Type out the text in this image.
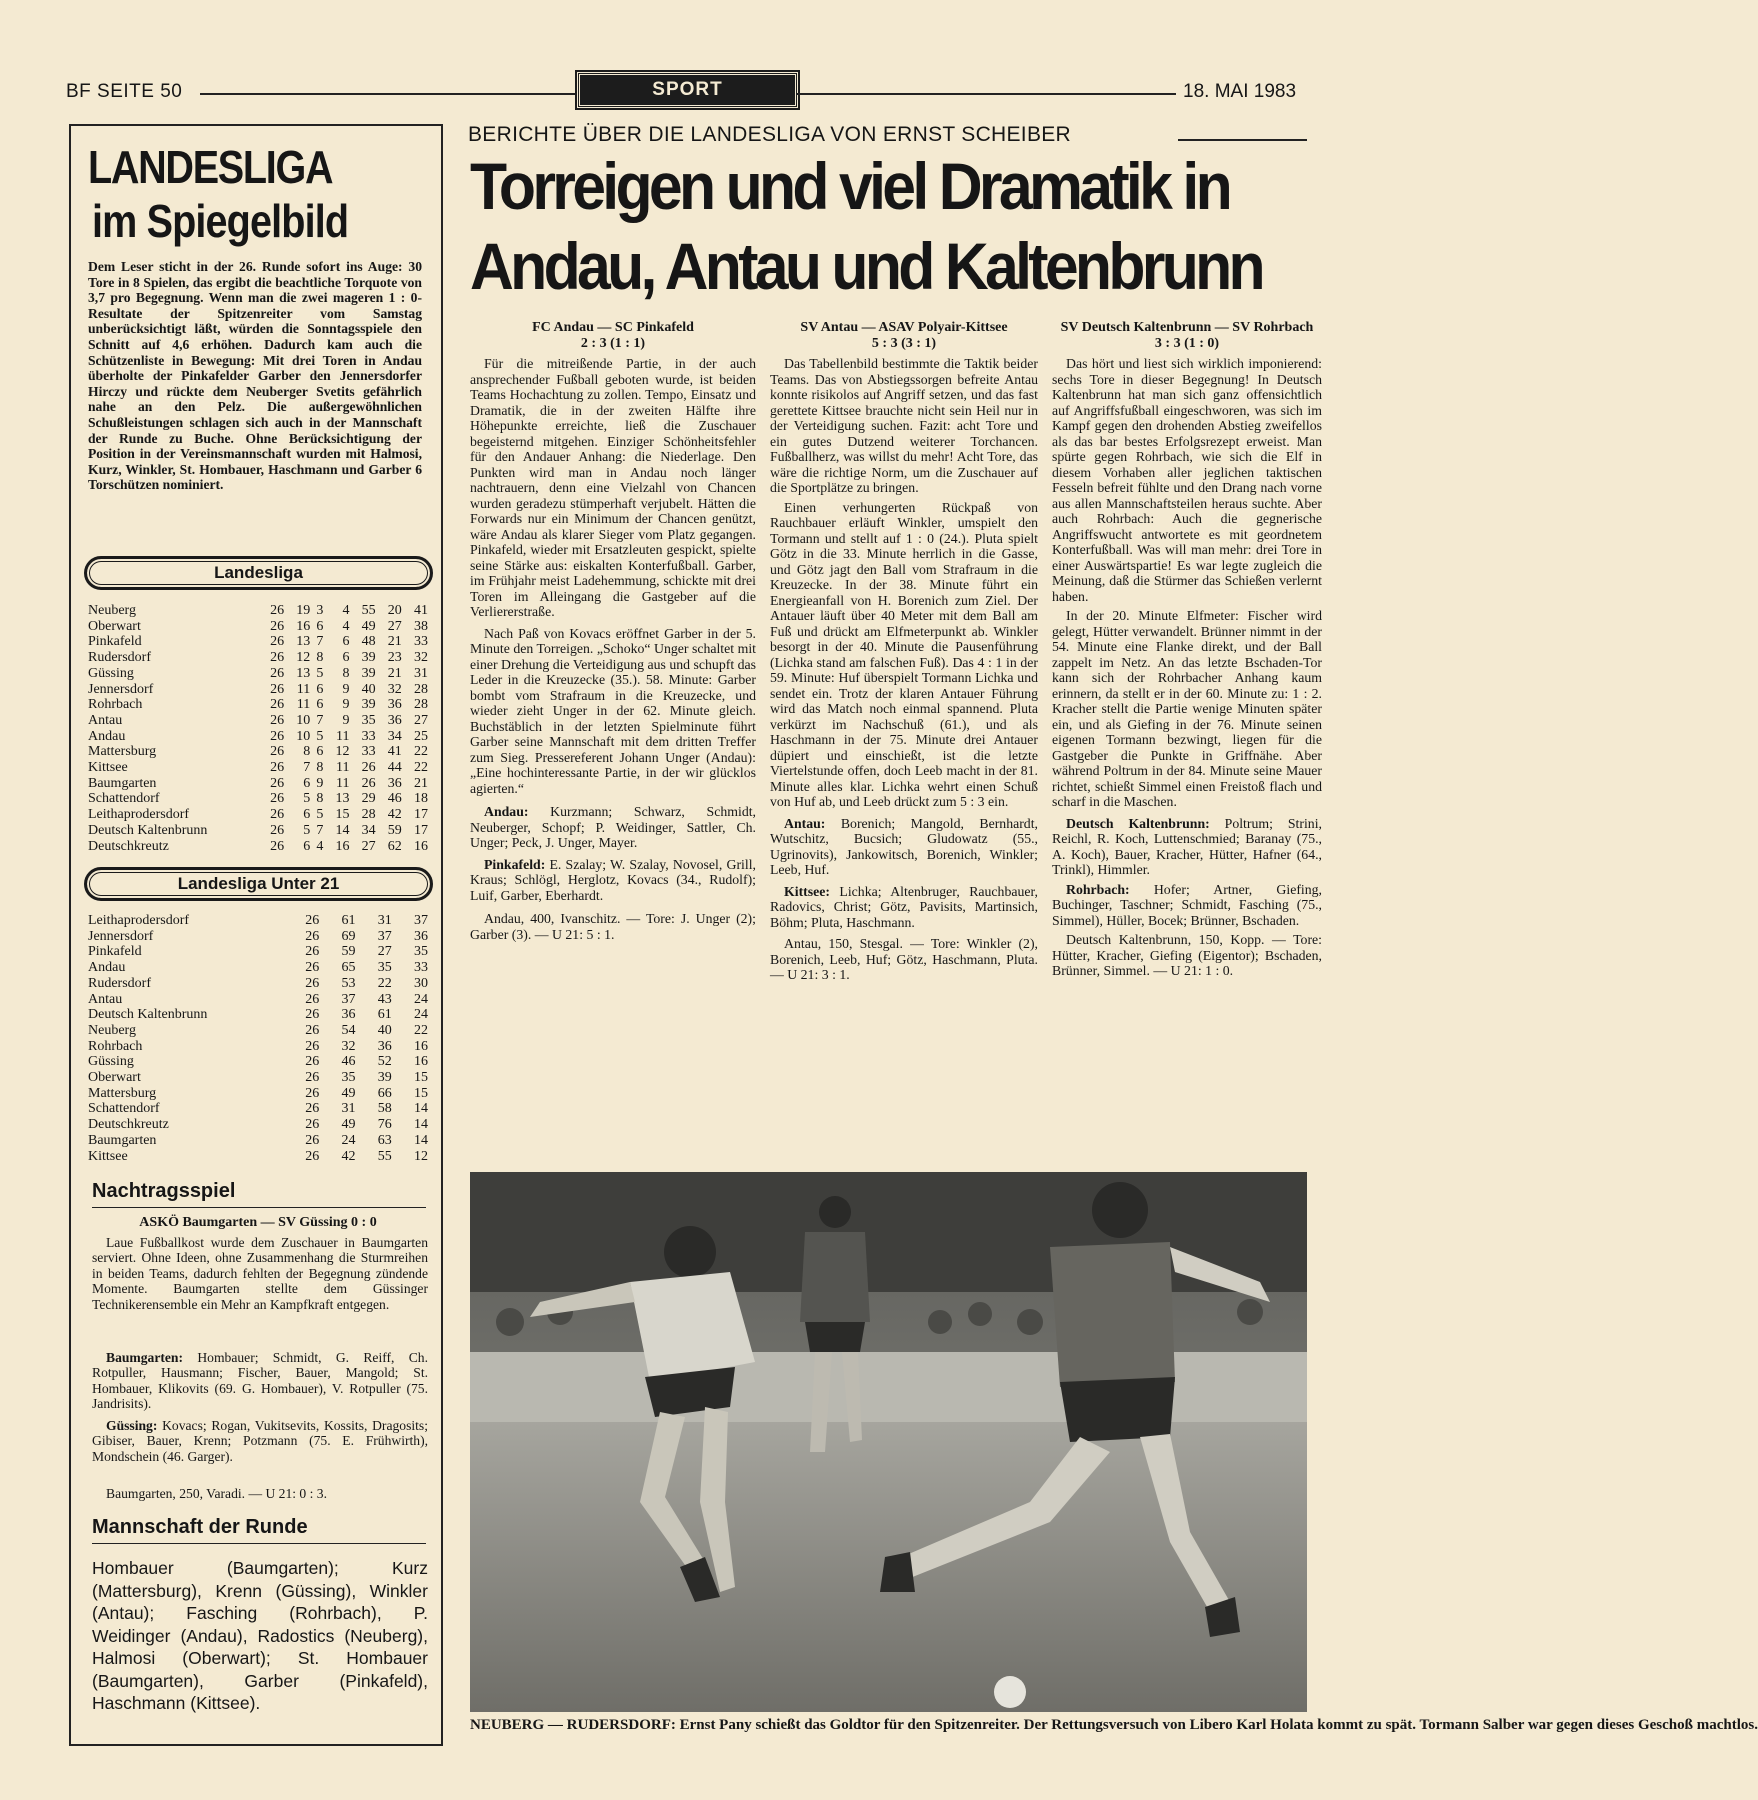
BF SEITE 50	SPORT	18. MAI 1983
LANDESLIGA
im Spiegelbild
Dem Leser sticht in der 26. Runde sofort ins Auge: 30 Tore in 8 Spielen, das ergibt die beachtliche Torquote von 3,7 pro Begegnung. Wenn man die zwei mageren 1 : 0-Resultate der Spitzenreiter vom Samstag unberücksichtigt läßt, würden die Sonntagsspiele den Schnitt auf 4,6 erhöhen. Dadurch kam auch die Schützenliste in Bewegung: Mit drei Toren in Andau überholte der Pinkafelder Garber den Jennersdorfer Hirczy und rückte dem Neuberger Svetits gefährlich nahe an den Pelz. Die außergewöhnlichen Schußleistungen schlagen sich auch in der Mannschaft der Runde zu Buche. Ohne Berücksichtigung der Position in der Vereinsmannschaft wurden mit Halmosi, Kurz, Winkler, St. Hombauer, Haschmann und Garber 6 Torschützen nominiert.
Landesliga
Neuberg	26	19	3	4	55	20	41
Oberwart	26	16	6	4	49	27	38
Pinkafeld	26	13	7	6	48	21	33
Rudersdorf	26	12	8	6	39	23	32
Güssing	26	13	5	8	39	21	31
Jennersdorf	26	11	6	9	40	32	28
Rohrbach	26	11	6	9	39	36	28
Antau	26	10	7	9	35	36	27
Andau	26	10	5	11	33	34	25
Mattersburg	26	8	6	12	33	41	22
Kittsee	26	7	8	11	26	44	22
Baumgarten	26	6	9	11	26	36	21
Schattendorf	26	5	8	13	29	46	18
Leithaprodersdorf	26	6	5	15	28	42	17
Deutsch Kaltenbrunn	26	5	7	14	34	59	17
Deutschkreutz	26	6	4	16	27	62	16
Landesliga Unter 21
Leithaprodersdorf	26	61	31	37
Jennersdorf	26	69	37	36
Pinkafeld	26	59	27	35
Andau	26	65	35	33
Rudersdorf	26	53	22	30
Antau	26	37	43	24
Deutsch Kaltenbrunn	26	36	61	24
Neuberg	26	54	40	22
Rohrbach	26	32	36	16
Güssing	26	46	52	16
Oberwart	26	35	39	15
Mattersburg	26	49	66	15
Schattendorf	26	31	58	14
Deutschkreutz	26	49	76	14
Baumgarten	26	24	63	14
Kittsee	26	42	55	12
Nachtragsspiel
ASKÖ Baumgarten — SV Güssing 0 : 0
Laue Fußballkost wurde dem Zuschauer in Baumgarten serviert. Ohne Ideen, ohne Zusammenhang die Sturmreihen in beiden Teams, dadurch fehlten der Begegnung zündende Momente. Baumgarten stellte dem Güssinger Technikerensemble ein Mehr an Kampfkraft entgegen.
Baumgarten: Hombauer; Schmidt, G. Reiff, Ch. Rotpuller, Hausmann; Fischer, Bauer, Mangold; St. Hombauer, Klikovits (69. G. Hombauer), V. Rotpuller (75. Jandrisits).
Güssing: Kovacs; Rogan, Vukitsevits, Kossits, Dragosits; Gibiser, Bauer, Krenn; Potzmann (75. E. Frühwirth), Mondschein (46. Garger).
Baumgarten, 250, Varadi. — U 21: 0 : 3.
Mannschaft der Runde
Hombauer (Baumgarten); Kurz (Mattersburg), Krenn (Güssing), Winkler (Antau); Fasching (Rohrbach), P. Weidinger (Andau), Radostics (Neuberg), Halmosi (Oberwart); St. Hombauer (Baumgarten), Garber (Pinkafeld), Haschmann (Kittsee).
BERICHTE ÜBER DIE LANDESLIGA VON ERNST SCHEIBER
Torreigen und viel Dramatik in
Andau, Antau und Kaltenbrunn
FC Andau — SC Pinkafeld
2 : 3 (1 : 1)
Für die mitreißende Partie, in der auch ansprechender Fußball geboten wurde, ist beiden Teams Hochachtung zu zollen. Tempo, Einsatz und Dramatik, die in der zweiten Hälfte ihre Höhepunkte erreichte, ließ die Zuschauer begeisternd mitgehen. Einziger Schönheitsfehler für den Andauer Anhang: die Niederlage. Den Punkten wird man in Andau noch länger nachtrauern, denn eine Vielzahl von Chancen wurden geradezu stümperhaft verjubelt. Hätten die Forwards nur ein Minimum der Chancen genützt, wäre Andau als klarer Sieger vom Platz gegangen. Pinkafeld, wieder mit Ersatzleuten gespickt, spielte seine Stärke aus: eiskalten Konterfußball. Garber, im Frühjahr meist Ladehemmung, schickte mit drei Toren im Alleingang die Gastgeber auf die Verliererstraße.
Nach Paß von Kovacs eröffnet Garber in der 5. Minute den Torreigen. „Schoko“ Unger schaltet mit einer Drehung die Verteidigung aus und schupft das Leder in die Kreuzecke (35.). 58. Minute: Garber bombt vom Strafraum in die Kreuzecke, und wieder zieht Unger in der 62. Minute gleich. Buchstäblich in der letzten Spielminute führt Garber seine Mannschaft mit dem dritten Treffer zum Sieg. Pressereferent Johann Unger (Andau): „Eine hochinteressante Partie, in der wir glücklos agierten.“
Andau: Kurzmann; Schwarz, Schmidt, Neuberger, Schopf; P. Weidinger, Sattler, Ch. Unger; Peck, J. Unger, Mayer.
Pinkafeld: E. Szalay; W. Szalay, Novosel, Grill, Kraus; Schlögl, Herglotz, Kovacs (34., Rudolf); Luif, Garber, Eberhardt.
Andau, 400, Ivanschitz. — Tore: J. Unger (2); Garber (3). — U 21: 5 : 1.
SV Antau — ASAV Polyair-Kittsee
5 : 3 (3 : 1)
Das Tabellenbild bestimmte die Taktik beider Teams. Das von Abstiegssorgen befreite Antau konnte risikolos auf Angriff setzen, und das fast gerettete Kittsee brauchte nicht sein Heil nur in der Verteidigung suchen. Fazit: acht Tore und ein gutes Dutzend weiterer Torchancen. Fußballherz, was willst du mehr! Acht Tore, das wäre die richtige Norm, um die Zuschauer auf die Sportplätze zu bringen.
Einen verhungerten Rückpaß von Rauchbauer erläuft Winkler, umspielt den Tormann und stellt auf 1 : 0 (24.). Pluta spielt Götz in die 33. Minute herrlich in die Gasse, und Götz jagt den Ball vom Strafraum in die Kreuzecke. In der 38. Minute führt ein Energieanfall von H. Borenich zum Ziel. Der Antauer läuft über 40 Meter mit dem Ball am Fuß und drückt am Elfmeterpunkt ab. Winkler besorgt in der 40. Minute die Pausenführung (Lichka stand am falschen Fuß). Das 4 : 1 in der 59. Minute: Huf überspielt Tormann Lichka und sendet ein. Trotz der klaren Antauer Führung wird das Match noch einmal spannend. Pluta verkürzt im Nachschuß (61.), und als Haschmann in der 75. Minute drei Antauer düpiert und einschießt, ist die letzte Viertelstunde offen, doch Leeb macht in der 81. Minute alles klar. Lichka wehrt einen Schuß von Huf ab, und Leeb drückt zum 5 : 3 ein.
Antau: Borenich; Mangold, Bernhardt, Wutschitz, Bucsich; Gludowatz (55., Ugrinovits), Jankowitsch, Borenich, Winkler; Leeb, Huf.
Kittsee: Lichka; Altenbruger, Rauchbauer, Radovics, Christ; Götz, Pavisits, Martinsich, Böhm; Pluta, Haschmann.
Antau, 150, Stesgal. — Tore: Winkler (2), Borenich, Leeb, Huf; Götz, Haschmann, Pluta. — U 21: 3 : 1.
SV Deutsch Kaltenbrunn — SV Rohrbach
3 : 3 (1 : 0)
Das hört und liest sich wirklich imponierend: sechs Tore in dieser Begegnung! In Deutsch Kaltenbrunn hat man sich ganz offensichtlich auf Angriffsfußball eingeschworen, was sich im Kampf gegen den drohenden Abstieg zweifellos als das bar bestes Erfolgsrezept erweist. Man spürte gegen Rohrbach, wie sich die Elf in diesem Vorhaben aller jeglichen taktischen Fesseln befreit fühlte und den Drang nach vorne aus allen Mannschaftsteilen heraus suchte. Aber auch Rohrbach: Auch die gegnerische Angriffswucht antwortete es mit geordnetem Konterfußball. Was will man mehr: drei Tore in einer Auswärtspartie! Es war legte zugleich die Meinung, daß die Stürmer das Schießen verlernt haben.
In der 20. Minute Elfmeter: Fischer wird gelegt, Hütter verwandelt. Brünner nimmt in der 54. Minute eine Flanke direkt, und der Ball zappelt im Netz. An das letzte Bschaden-Tor kann sich der Rohrbacher Anhang kaum erinnern, da stellt er in der 60. Minute zu: 1 : 2. Kracher stellt die Partie wenige Minuten später ein, und als Giefing in der 76. Minute seinen eigenen Tormann bezwingt, liegen für die Gastgeber die Punkte in Griffnähe. Aber während Poltrum in der 84. Minute seine Mauer richtet, schießt Simmel einen Freistoß flach und scharf in die Maschen.
Deutsch Kaltenbrunn: Poltrum; Strini, Reichl, R. Koch, Luttenschmied; Baranay (75., A. Koch), Bauer, Kracher, Hütter, Hafner (64., Trinkl), Himmler.
Rohrbach: Hofer; Artner, Giefing, Buchinger, Taschner; Schmidt, Fasching (75., Simmel), Hüller, Bocek; Brünner, Bschaden.
Deutsch Kaltenbrunn, 150, Kopp. — Tore: Hütter, Kracher, Giefing (Eigentor); Bschaden, Brünner, Simmel. — U 21: 1 : 0.
NEUBERG — RUDERSDORF: Ernst Pany schießt das Goldtor für den Spitzenreiter. Der Rettungsversuch von Libero Karl Holata kommt zu spät. Tormann Salber war gegen dieses Geschoß machtlos.
